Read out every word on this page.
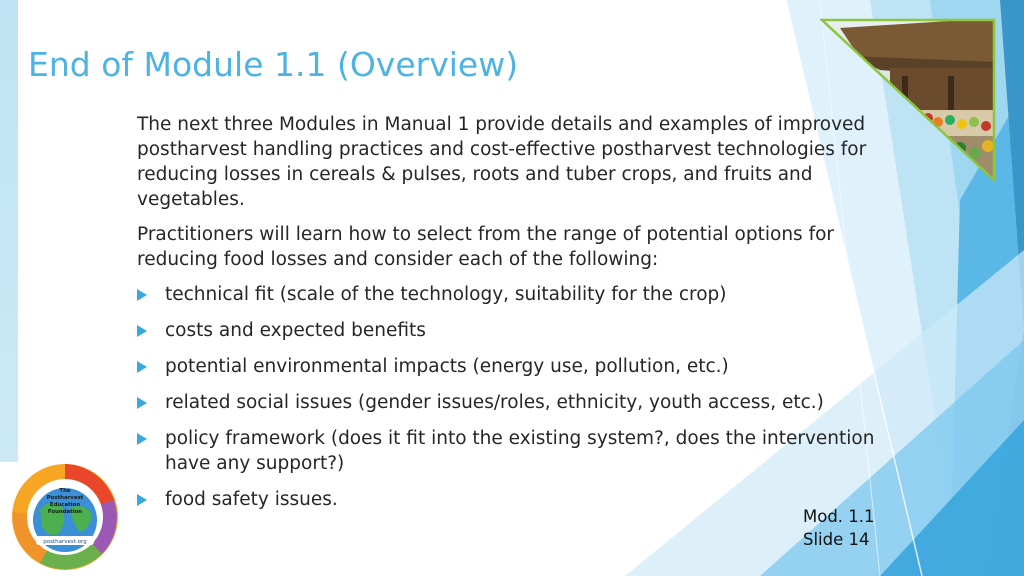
End of Module 1.1 (Overview)

The next three Modules in Manual 1 provide details and examples of improved postharvest handling practices and cost-effective postharvest technologies for reducing losses in cereals & pulses, roots and tuber crops, and fruits and vegetables.

Practitioners will learn how to select from the range of potential options for reducing food losses and consider each of the following:

technical fit (scale of the technology, suitability for the crop)
costs and expected benefits
potential environmental impacts (energy use, pollution, etc.)
related social issues (gender issues/roles, ethnicity, youth access, etc.)
policy framework (does it fit into the existing system?, does the intervention have any support?)
food safety issues.
Mod. 1.1
Slide 14
postharvest.org
The
Postharvest
Education
Foundation
